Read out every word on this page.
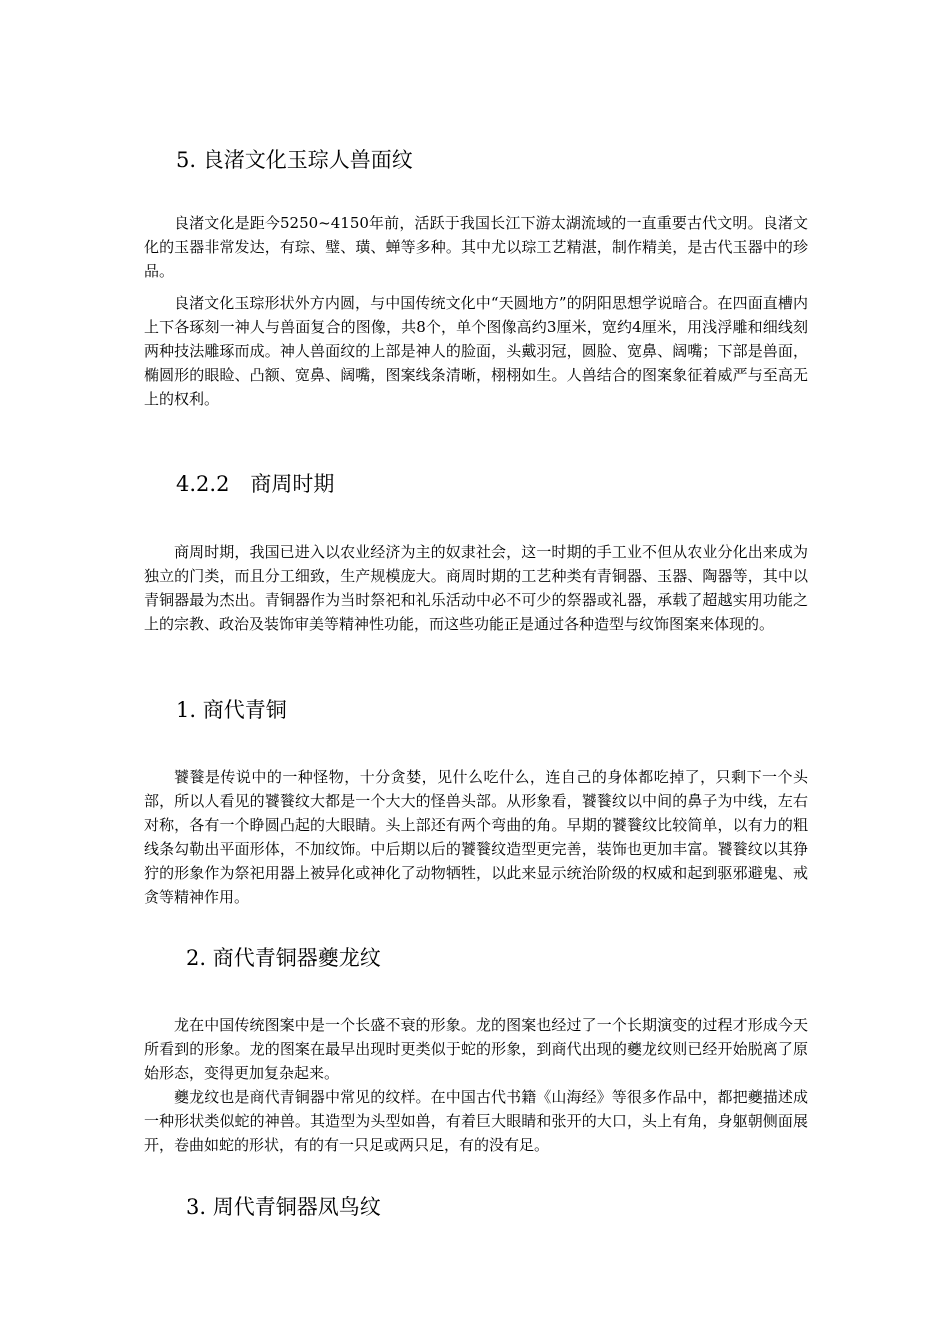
5. 良渚文化玉琮人兽面纹

良渚文化是距今5250~4150年前，活跃于我国长江下游太湖流域的一直重要古代文明。良渚文化的玉器非常发达，有琮、璧、璜、蝉等多种。其中尤以琮工艺精湛，制作精美，是古代玉器中的珍品。

良渚文化玉琮形状外方内圆，与中国传统文化中“天圆地方”的阴阳思想学说暗合。在四面直槽内上下各琢刻一神人与兽面复合的图像，共8个，单个图像高约3厘米，宽约4厘米，用浅浮雕和细线刻两种技法雕琢而成。神人兽面纹的上部是神人的脸面，头戴羽冠，圆脸、宽鼻、阔嘴；下部是兽面，椭圆形的眼睑、凸额、宽鼻、阔嘴，图案线条清晰，栩栩如生。人兽结合的图案象征着威严与至高无上的权利。

4.2.2　商周时期

商周时期，我国已进入以农业经济为主的奴隶社会，这一时期的手工业不但从农业分化出来成为独立的门类，而且分工细致，生产规模庞大。商周时期的工艺种类有青铜器、玉器、陶器等，其中以青铜器最为杰出。青铜器作为当时祭祀和礼乐活动中必不可少的祭器或礼器，承载了超越实用功能之上的宗教、政治及装饰审美等精神性功能，而这些功能正是通过各种造型与纹饰图案来体现的。

1. 商代青铜

饕餮是传说中的一种怪物，十分贪婪，见什么吃什么，连自己的身体都吃掉了，只剩下一个头部，所以人看见的饕餮纹大都是一个大大的怪兽头部。从形象看，饕餮纹以中间的鼻子为中线，左右对称，各有一个睁圆凸起的大眼睛。头上部还有两个弯曲的角。早期的饕餮纹比较简单，以有力的粗线条勾勒出平面形体，不加纹饰。中后期以后的饕餮纹造型更完善，装饰也更加丰富。饕餮纹以其狰狞的形象作为祭祀用器上被异化或神化了动物牺牲，以此来显示统治阶级的权威和起到驱邪避鬼、戒贪等精神作用。

2. 商代青铜器夔龙纹

龙在中国传统图案中是一个长盛不衰的形象。龙的图案也经过了一个长期演变的过程才形成今天所看到的形象。龙的图案在最早出现时更类似于蛇的形象，到商代出现的夔龙纹则已经开始脱离了原始形态，变得更加复杂起来。

夔龙纹也是商代青铜器中常见的纹样。在中国古代书籍《山海经》等很多作品中，都把夔描述成一种形状类似蛇的神兽。其造型为头型如兽，有着巨大眼睛和张开的大口，头上有角，身躯朝侧面展开，卷曲如蛇的形状，有的有一只足或两只足，有的没有足。

3. 周代青铜器凤鸟纹
